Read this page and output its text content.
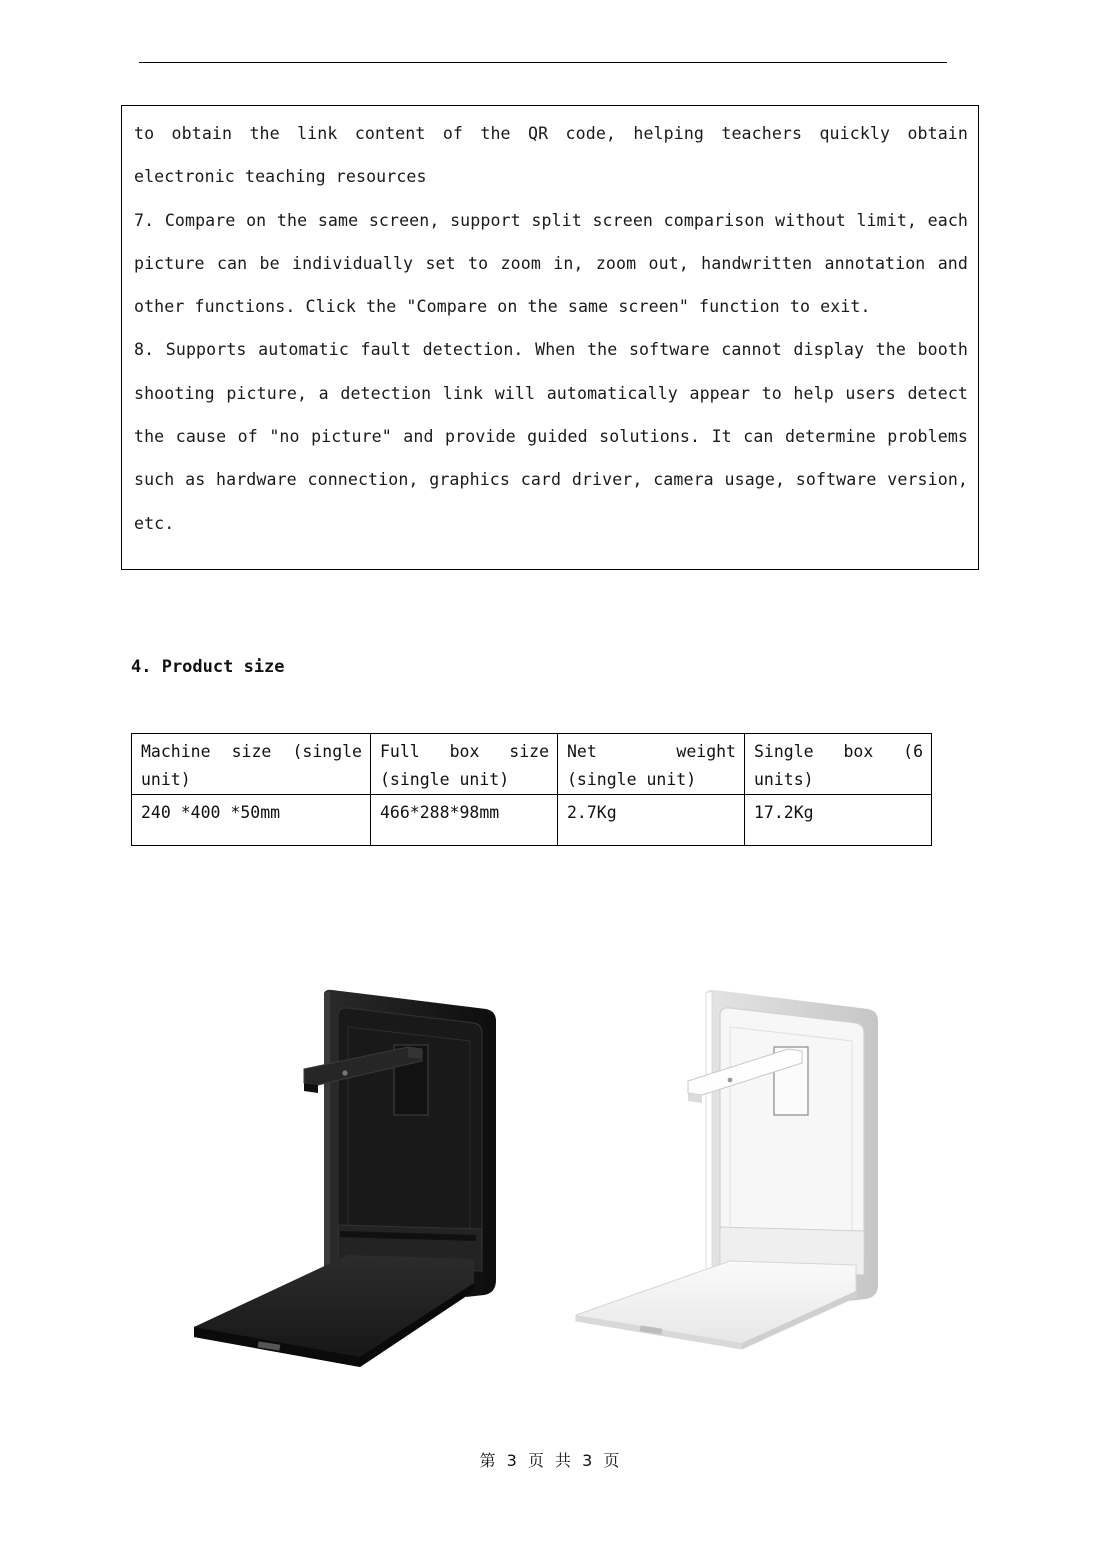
to obtain the link content of the QR code, helping teachers quickly obtain electronic teaching resources

7. Compare on the same screen, support split screen comparison without limit, each picture can be individually set to zoom in, zoom out, handwritten annotation and other functions. Click the "Compare on the same screen" function to exit.

8. Supports automatic fault detection. When the software cannot display the booth shooting picture, a detection link will automatically appear to help users detect the cause of "no picture" and provide guided solutions. It can determine problems such as hardware connection, graphics card driver, camera usage, software version, etc.

4. Product size
Machine size (single unit)	Full box size (single unit)	Net weight (single unit)	Single box (6 units)
240 *400 *50mm	466*288*98mm	2.7Kg	17.2Kg
第 3 页 共 3 页
